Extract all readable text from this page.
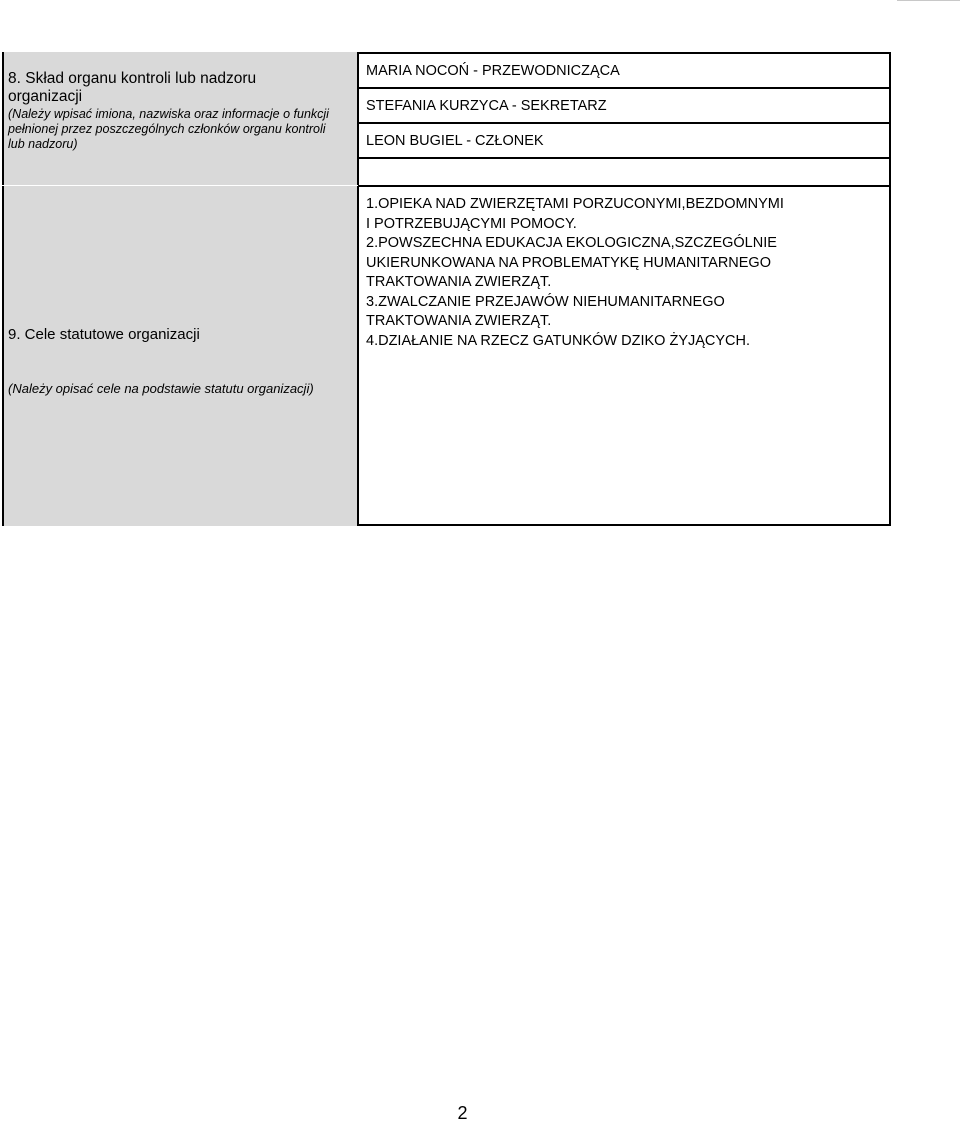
8. Skład organu kontroli lub nadzoru
organizacji
(Należy wpisać imiona, nazwiska oraz informacje o funkcji
pełnionej przez poszczególnych członków organu kontroli
lub nadzoru)
MARIA NOCOŃ - PRZEWODNICZĄCA
STEFANIA KURZYCA - SEKRETARZ
LEON BUGIEL - CZŁONEK
9. Cele statutowe organizacji
(Należy opisać cele na podstawie statutu organizacji)
1.OPIEKA NAD ZWIERZĘTAMI PORZUCONYMI,BEZDOMNYMI
I POTRZEBUJĄCYMI POMOCY.
2.POWSZECHNA EDUKACJA EKOLOGICZNA,SZCZEGÓLNIE
UKIERUNKOWANA NA PROBLEMATYKĘ HUMANITARNEGO
TRAKTOWANIA ZWIERZĄT.
3.ZWALCZANIE PRZEJAWÓW NIEHUMANITARNEGO
TRAKTOWANIA ZWIERZĄT.
4.DZIAŁANIE NA RZECZ GATUNKÓW DZIKO ŻYJĄCYCH.
2
